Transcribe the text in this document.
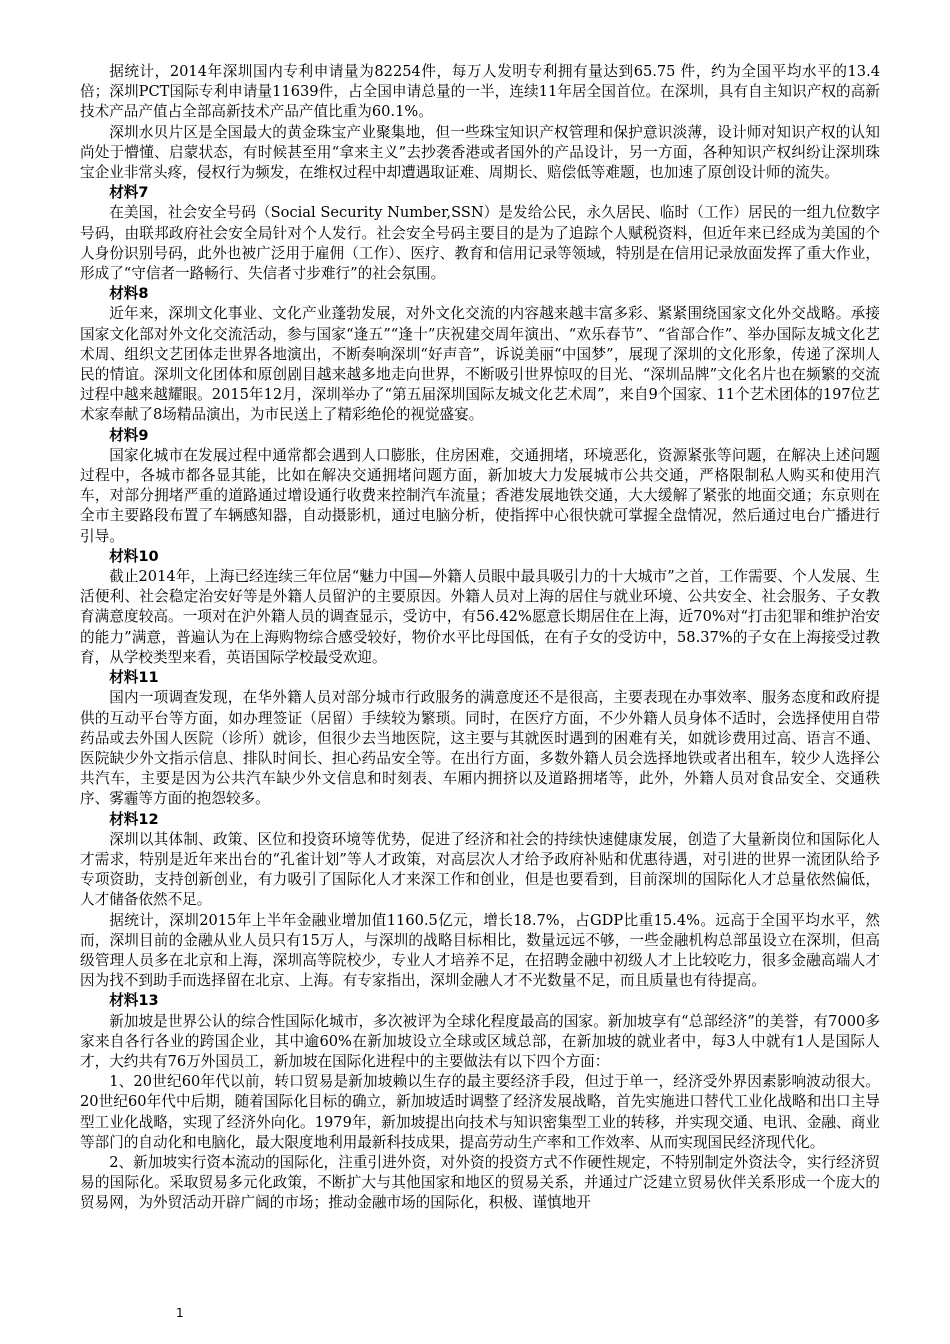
据统计，2014年深圳国内专利申请量为82254件，每万人发明专利拥有量达到65.75 件，约为全国平均水平的13.4倍；深圳PCT国际专利申请量11639件，占全国申请总量的一半，连续11年居全国首位。在深圳，具有自主知识产权的高新技术产品产值占全部高新技术产品产值比重为60.1%。

深圳水贝片区是全国最大的黄金珠宝产业聚集地，但一些珠宝知识产权管理和保护意识淡薄，设计师对知识产权的认知尚处于懵懂、启蒙状态，有时候甚至用“拿来主义”去抄袭香港或者国外的产品设计，另一方面，各种知识产权纠纷让深圳珠宝企业非常头疼，侵权行为频发，在维权过程中却遭遇取证难、周期长、赔偿低等难题，也加速了原创设计师的流失。

材料7

在美国，社会安全号码（Social Security Number,SSN）是发给公民，永久居民、临时（工作）居民的一组九位数字号码，由联邦政府社会安全局针对个人发行。社会安全号码主要目的是为了追踪个人赋税资料，但近年来已经成为美国的个人身份识别号码，此外也被广泛用于雇佣（工作）、医疗、教育和信用记录等领域，特别是在信用记录放面发挥了重大作业，形成了“守信者一路畅行、失信者寸步难行”的社会氛围。

材料8

近年来，深圳文化事业、文化产业蓬勃发展，对外文化交流的内容越来越丰富多彩、紧紧围绕国家文化外交战略。承接国家文化部对外文化交流活动，参与国家“逢五”“逢十”庆祝建交周年演出、“欢乐春节”、“省部合作”、举办国际友城文化艺术周、组织文艺团体走世界各地演出，不断奏响深圳“好声音”，诉说美丽“中国梦”，展现了深圳的文化形象，传递了深圳人民的情谊。深圳文化团体和原创剧目越来越多地走向世界，不断吸引世界惊叹的目光、“深圳品牌”文化名片也在频繁的交流过程中越来越耀眼。2015年12月，深圳举办了“第五届深圳国际友城文化艺术周”，来自9个国家、11个艺术团体的197位艺术家奉献了8场精品演出，为市民送上了精彩绝伦的视觉盛宴。

材料9

国家化城市在发展过程中通常都会遇到人口膨胀，住房困难，交通拥堵，环境恶化，资源紧张等问题，在解决上述问题过程中，各城市都各显其能，比如在解决交通拥堵问题方面，新加坡大力发展城市公共交通，严格限制私人购买和使用汽车，对部分拥堵严重的道路通过增设通行收费来控制汽车流量；香港发展地铁交通，大大缓解了紧张的地面交通；东京则在全市主要路段布置了车辆感知器，自动摄影机，通过电脑分析，使指挥中心很快就可掌握全盘情况，然后通过电台广播进行引导。

材料10

截止2014年，上海已经连续三年位居“魅力中国—外籍人员眼中最具吸引力的十大城市”之首，工作需要、个人发展、生活便利、社会稳定治安好等是外籍人员留沪的主要原因。外籍人员对上海的居住与就业环境、公共安全、社会服务、子女教育满意度较高。一项对在沪外籍人员的调查显示，受访中，有56.42%愿意长期居住在上海，近70%对“打击犯罪和维护治安的能力”满意，普遍认为在上海购物综合感受较好，物价水平比母国低，在有子女的受访中，58.37%的子女在上海接受过教育，从学校类型来看，英语国际学校最受欢迎。

材料11

国内一项调查发现，在华外籍人员对部分城市行政服务的满意度还不是很高，主要表现在办事效率、服务态度和政府提供的互动平台等方面，如办理签证（居留）手续较为繁琐。同时，在医疗方面，不少外籍人员身体不适时，会选择使用自带药品或去外国人医院（诊所）就诊，但很少去当地医院，这主要与其就医时遇到的困难有关，如就诊费用过高、语言不通、医院缺少外文指示信息、排队时间长、担心药品安全等。在出行方面，多数外籍人员会选择地铁或者出租车，较少人选择公共汽车，主要是因为公共汽车缺少外文信息和时刻表、车厢内拥挤以及道路拥堵等，此外，外籍人员对食品安全、交通秩序、雾霾等方面的抱怨较多。

材料12

深圳以其体制、政策、区位和投资环境等优势，促进了经济和社会的持续快速健康发展，创造了大量新岗位和国际化人才需求，特别是近年来出台的“孔雀计划”等人才政策，对高层次人才给予政府补贴和优惠待遇，对引进的世界一流团队给予专项资助，支持创新创业，有力吸引了国际化人才来深工作和创业，但是也要看到，目前深圳的国际化人才总量依然偏低，人才储备依然不足。

据统计，深圳2015年上半年金融业增加值1160.5亿元，增长18.7%，占GDP比重15.4%。远高于全国平均水平，然而，深圳目前的金融从业人员只有15万人，与深圳的战略目标相比，数量远远不够，一些金融机构总部虽设立在深圳，但高级管理人员多在北京和上海，深圳高等院校少，专业人才培养不足，在招聘金融中初级人才上比较吃力，很多金融高端人才因为找不到助手而选择留在北京、上海。有专家指出，深圳金融人才不光数量不足，而且质量也有待提高。

材料13

新加坡是世界公认的综合性国际化城市，多次被评为全球化程度最高的国家。新加坡享有“总部经济”的美誉，有7000多家来自各行各业的跨国企业，其中逾60%在新加坡设立全球或区域总部，在新加坡的就业者中，每3人中就有1人是国际人才，大约共有76万外国员工，新加坡在国际化进程中的主要做法有以下四个方面：

1、20世纪60年代以前，转口贸易是新加坡赖以生存的最主要经济手段，但过于单一，经济受外界因素影响波动很大。20世纪60年代中后期，随着国际化目标的确立，新加坡适时调整了经济发展战略，首先实施进口替代工业化战略和出口主导型工业化战略，实现了经济外向化。1979年，新加坡提出向技术与知识密集型工业的转移，并实现交通、电讯、金融、商业等部门的自动化和电脑化，最大限度地利用最新科技成果，提高劳动生产率和工作效率、从而实现国民经济现代化。

2、新加坡实行资本流动的国际化，注重引进外资，对外资的投资方式不作硬性规定，不特别制定外资法令，实行经济贸易的国际化。采取贸易多元化政策，不断扩大与其他国家和地区的贸易关系，并通过广泛建立贸易伙伴关系形成一个庞大的贸易网，为外贸活动开辟广阔的市场；推动金融市场的国际化，积极、谨慎地开

1
